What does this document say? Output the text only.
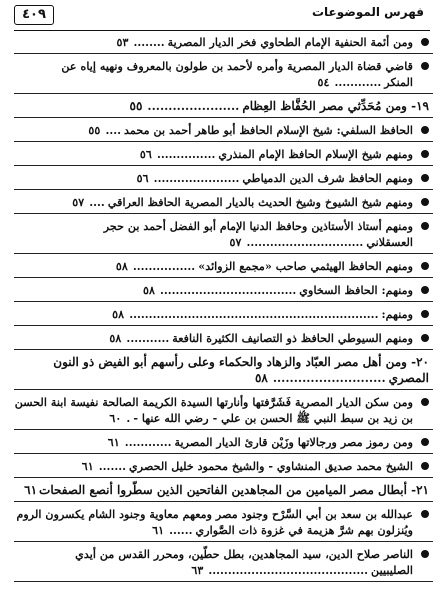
٤٠٩	فهرس الموضوعات
ومن أئمة الحنفية الإمام الطحاوي فخر الديار المصرية........٥٣
قاضي قضاة الديار المصرية وأمره لأحمد بن طولون بالمعروف ونهيه إياه عن المنكر............٥٤
١٩- ومن مُحَدِّثي مصر الحُفَّاظ العِظام......................٥٥
الحافظ السلفي: شيخ الإسلام الحافظ أبو طاهر أحمد بن محمد....٥٥
ومنهم شيخ الإسلام الحافظ الإمام المنذري...............٥٦
ومنهم الحافظ شرف الدين الدمياطي......................٥٦
ومنهم شيخ الشيوخ وشيخ الحديث بالديار المصرية الحافظ العراقي....٥٧
ومنهم أستاذ الأستاذين وحافظ الدنيا الإمام أبو الفضل أحمد بن حجر العسقلاني..............................٥٧
ومنهم الحافظ الهيثمي صاحب «مجمع الزوائد»................٥٨
ومنهم: الحافظ السخاوي...................................٥٨
ومنهم:................................................................٥٨
ومنهم السيوطي الحافظ ذو التصانيف الكثيرة النافعة...........٥٨
٢٠- ومن أهل مصر العبّاد والزهاد والحكماء وعلى رأسهم أبو الفيض ذو النون المصري...........................٥٨
ومن سكن الديار المصرية فَشَرَّفتها وأنارتها السيدة الكريمة الصالحة نفيسة ابنة الحسن بن زيد بن سبط النبي ﷺ الحسن بن علي - رضي الله عنها -.٦٠
ومن رموز مصر ورجالاتها وزَيْن قارئ الديار المصرية............٦١
الشيخ محمد صديق المنشاوي - والشيخ محمود خليل الحصري.......٦١
٢١- أبطال مصر الميامين من المجاهدين الفاتحين الذين سطّروا أنصع الصفحات٦١
عبدالله بن سعد بن أبي السَّرْح وجنود مصر ومعهم معاوية وجنود الشام يكسرون الروم ويُنزلون بهم شرَّ هزيمة في غزوة ذات الصَّواري......٦١
الناصر صلاح الدين، سيد المجاهدين، بطل حطّين، ومحرر القدس من أيدي الصليبيين.........................................٦٣
